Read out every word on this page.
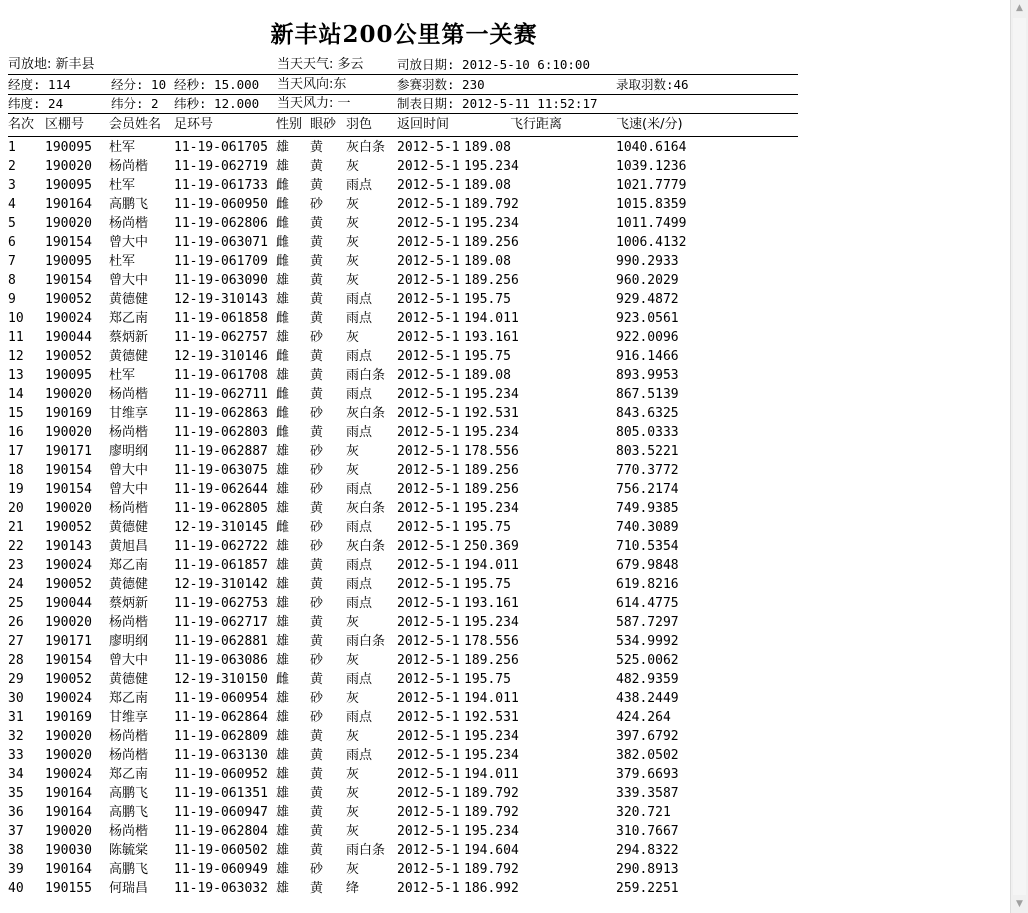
新丰站200公里第一关赛
司放地: 新丰县	当天天气: 多云	司放日期: 2012-5-10 6:10:00
经度: 114	经分: 10 经秒: 15.000 当天风向:东	参赛羽数: 230	录取羽数:46
纬度: 24	纬分: 2 纬秒: 12.000 当天风力: 一	制表日期: 2012-5-11 11:52:17
名次 区棚号 会员姓名 足环号	性别 眼砂 羽色 返回时间	飞行距离	飞速(米/分)
1 190095 杜军	11-19-061705 雄 黄 灰白条 2012-5-1 189.08	1040.6164
2 190020 杨尚楷 11-19-062719 雄 黄 灰	2012-5-1 195.234	1039.1236
3 190095 杜军	11-19-061733 雌 黄 雨点 2012-5-1 189.08	1021.7779
4 190164 高鹏飞 11-19-060950 雌 砂 灰	2012-5-1 189.792	1015.8359
5 190020 杨尚楷 11-19-062806 雌 黄 灰	2012-5-1 195.234	1011.7499
6 190154 曾大中 11-19-063071 雌 黄 灰	2012-5-1 189.256	1006.4132
7 190095 杜军	11-19-061709 雌 黄 灰	2012-5-1 189.08	990.2933
8 190154 曾大中 11-19-063090 雄 黄 灰	2012-5-1 189.256	960.2029
9 190052 黄德健 12-19-310143 雄 黄 雨点 2012-5-1 195.75	929.4872
10 190024 郑乙南 11-19-061858 雌 黄 雨点 2012-5-1 194.011	923.0561
11 190044 蔡炳新 11-19-062757 雄 砂 灰	2012-5-1 193.161	922.0096
12 190052 黄德健 12-19-310146 雌 黄 雨点 2012-5-1 195.75	916.1466
13 190095 杜军	11-19-061708 雄 黄 雨白条 2012-5-1 189.08	893.9953
14 190020 杨尚楷 11-19-062711 雌 黄 雨点 2012-5-1 195.234	867.5139
15 190169 甘维享 11-19-062863 雌 砂 灰白条 2012-5-1 192.531	843.6325
16 190020 杨尚楷 11-19-062803 雌 黄 雨点 2012-5-1 195.234	805.0333
17 190171 廖明纲 11-19-062887 雄 砂 灰	2012-5-1 178.556	803.5221
18 190154 曾大中 11-19-063075 雄 砂 灰	2012-5-1 189.256	770.3772
19 190154 曾大中 11-19-062644 雄 砂 雨点 2012-5-1 189.256	756.2174
20 190020 杨尚楷 11-19-062805 雄 黄 灰白条 2012-5-1 195.234	749.9385
21 190052 黄德健 12-19-310145 雌 砂 雨点 2012-5-1 195.75	740.3089
22 190143 黄旭昌 11-19-062722 雄 砂 灰白条 2012-5-1 250.369	710.5354
23 190024 郑乙南 11-19-061857 雄 黄 雨点 2012-5-1 194.011	679.9848
24 190052 黄德健 12-19-310142 雄 黄 雨点 2012-5-1 195.75	619.8216
25 190044 蔡炳新 11-19-062753 雄 砂 雨点 2012-5-1 193.161	614.4775
26 190020 杨尚楷 11-19-062717 雄 黄 灰	2012-5-1 195.234	587.7297
27 190171 廖明纲 11-19-062881 雄 黄 雨白条 2012-5-1 178.556	534.9992
28 190154 曾大中 11-19-063086 雄 砂 灰	2012-5-1 189.256	525.0062
29 190052 黄德健 12-19-310150 雌 黄 雨点 2012-5-1 195.75	482.9359
30 190024 郑乙南 11-19-060954 雄 砂 灰	2012-5-1 194.011	438.2449
31 190169 甘维享 11-19-062864 雄 砂 雨点 2012-5-1 192.531	424.264
32 190020 杨尚楷 11-19-062809 雄 黄 灰	2012-5-1 195.234	397.6792
33 190020 杨尚楷 11-19-063130 雄 黄 雨点 2012-5-1 195.234	382.0502
34 190024 郑乙南 11-19-060952 雄 黄 灰	2012-5-1 194.011	379.6693
35 190164 高鹏飞 11-19-061351 雄 黄 灰	2012-5-1 189.792	339.3587
36 190164 高鹏飞 11-19-060947 雄 黄 灰	2012-5-1 189.792	320.721
37 190020 杨尚楷 11-19-062804 雄 黄 灰	2012-5-1 195.234	310.7667
38 190030 陈毓棠 11-19-060502 雄 黄 雨白条 2012-5-1 194.604	294.8322
39 190164 高鹏飞 11-19-060949 雄 砂 灰	2012-5-1 189.792	290.8913
40 190155 何瑞昌 11-19-063032 雄 黄 绛	2012-5-1 186.992	259.2251
▲
▼
